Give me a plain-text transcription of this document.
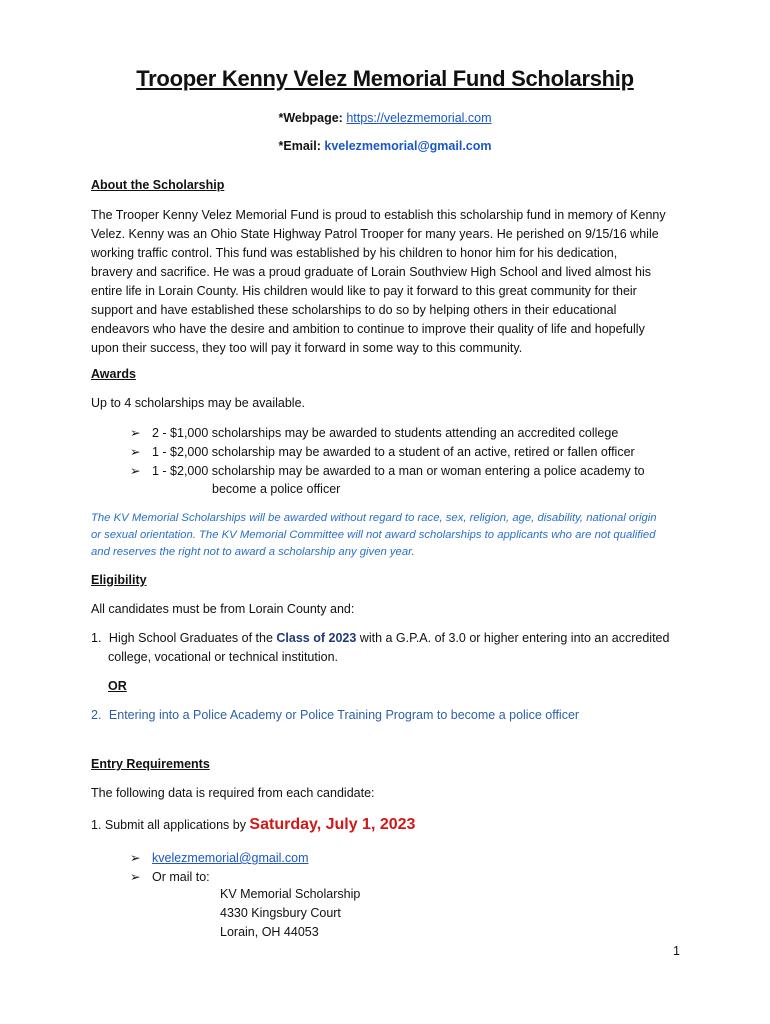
Trooper Kenny Velez Memorial Fund Scholarship
*Webpage: https://velezmemorial.com
*Email: kvelezmemorial@gmail.com
About the Scholarship
The Trooper Kenny Velez Memorial Fund is proud to establish this scholarship fund in memory of Kenny
Velez. Kenny was an Ohio State Highway Patrol Trooper for many years. He perished on 9/15/16 while
working traffic control. This fund was established by his children to honor him for his dedication,
bravery and sacrifice. He was a proud graduate of Lorain Southview High School and lived almost his
entire life in Lorain County. His children would like to pay it forward to this great community for their
support and have established these scholarships to do so by helping others in their educational
endeavors who have the desire and ambition to continue to improve their quality of life and hopefully
upon their success, they too will pay it forward in some way to this community.
Awards
Up to 4 scholarships may be available.
➢ 2 - $1,000 scholarships may be awarded to students attending an accredited college
➢ 1 - $2,000 scholarship may be awarded to a student of an active, retired or fallen officer
➢ 1 - $2,000 scholarship may be awarded to a man or woman entering a police academy to
become a police officer
The KV Memorial Scholarships will be awarded without regard to race, sex, religion, age, disability, national origin
or sexual orientation. The KV Memorial Committee will not award scholarships to applicants who are not qualified
and reserves the right not to award a scholarship any given year.
Eligibility
All candidates must be from Lorain County and:
1. High School Graduates of the Class of 2023 with a G.P.A. of 3.0 or higher entering into an accredited
college, vocational or technical institution.
OR
2. Entering into a Police Academy or Police Training Program to become a police officer
Entry Requirements
The following data is required from each candidate:
1. Submit all applications by Saturday, July 1, 2023
➢ kvelezmemorial@gmail.com
➢ Or mail to:
KV Memorial Scholarship
4330 Kingsbury Court
Lorain, OH 44053
1
